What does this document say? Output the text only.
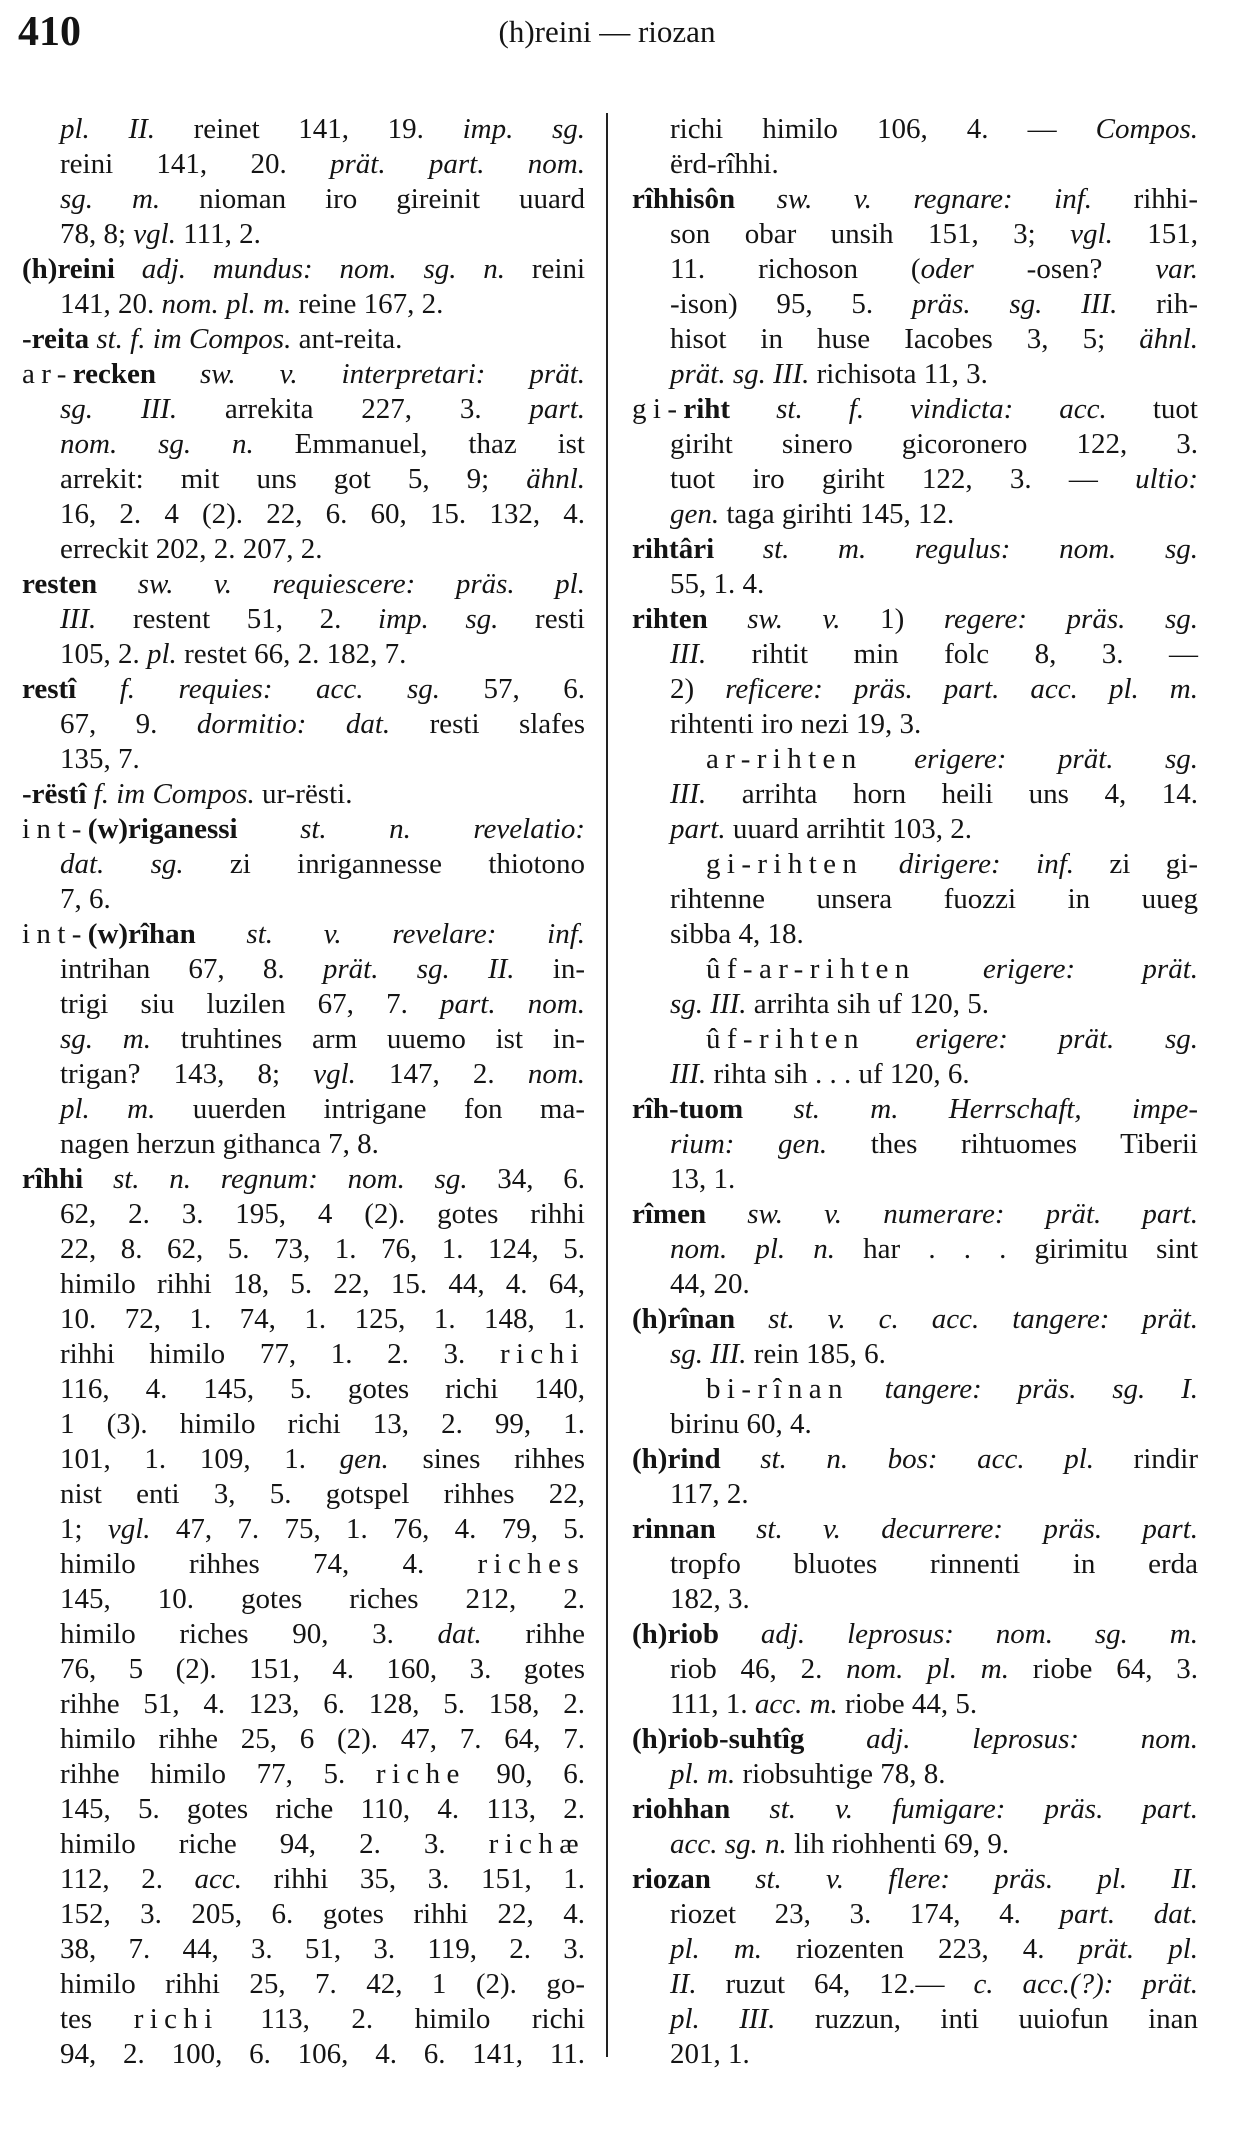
410	(h)reini — riozan
pl. II. reinet 141, 19. imp. sg.
reini 141, 20. prät. part. nom.
sg. m. nioman iro gireinit uuard
78, 8; vgl. 111, 2.
(h)reini adj. mundus: nom. sg. n. reini
141, 20. nom. pl. m. reine 167, 2.
-reita st. f. im Compos. ant-reita.
ar-recken sw. v. interpretari: prät.
sg. III. arrekita 227, 3. part.
nom. sg. n. Emmanuel, thaz ist
arrekit: mit uns got 5, 9; ähnl.
16, 2. 4 (2). 22, 6. 60, 15. 132, 4.
erreckit 202, 2. 207, 2.
resten sw. v. requiescere: präs. pl.
III. restent 51, 2. imp. sg. resti
105, 2. pl. restet 66, 2. 182, 7.
restî f. requies: acc. sg. 57, 6.
67, 9. dormitio: dat. resti slafes
135, 7.
-rëstî f. im Compos. ur-rësti.
int-(w)riganessi st. n. revelatio:
dat. sg. zi inrigannesse thiotono
7, 6.
int-(w)rîhan st. v. revelare: inf.
intrihan 67, 8. prät. sg. II. in-
trigi siu luzilen 67, 7. part. nom.
sg. m. truhtines arm uuemo ist in-
trigan? 143, 8; vgl. 147, 2. nom.
pl. m. uuerden intrigane fon ma-
nagen herzun githanca 7, 8.
rîhhi st. n. regnum: nom. sg. 34, 6.
62, 2. 3. 195, 4 (2). gotes rihhi
22, 8. 62, 5. 73, 1. 76, 1. 124, 5.
himilo rihhi 18, 5. 22, 15. 44, 4. 64,
10. 72, 1. 74, 1. 125, 1. 148, 1.
rihhi himilo 77, 1. 2. 3. richi
116, 4. 145, 5. gotes richi 140,
1 (3). himilo richi 13, 2. 99, 1.
101, 1. 109, 1. gen. sines rihhes
nist enti 3, 5. gotspel rihhes 22,
1; vgl. 47, 7. 75, 1. 76, 4. 79, 5.
himilo rihhes 74, 4. riches
145, 10. gotes riches 212, 2.
himilo riches 90, 3. dat. rihhe
76, 5 (2). 151, 4. 160, 3. gotes
rihhe 51, 4. 123, 6. 128, 5. 158, 2.
himilo rihhe 25, 6 (2). 47, 7. 64, 7.
rihhe himilo 77, 5. riche 90, 6.
145, 5. gotes riche 110, 4. 113, 2.
himilo riche 94, 2. 3. richæ
112, 2. acc. rihhi 35, 3. 151, 1.
152, 3. 205, 6. gotes rihhi 22, 4.
38, 7. 44, 3. 51, 3. 119, 2. 3.
himilo rihhi 25, 7. 42, 1 (2). go-
tes richi 113, 2. himilo richi
94, 2. 100, 6. 106, 4. 6. 141, 11.
richi himilo 106, 4. — Compos.
ërd-rîhhi.
rîhhisôn sw. v. regnare: inf. rihhi-
son obar unsih 151, 3; vgl. 151,
11. richoson (oder -osen? var.
-ison) 95, 5. präs. sg. III. rih-
hisot in huse Iacobes 3, 5; ähnl.
prät. sg. III. richisota 11, 3.
gi-riht st. f. vindicta: acc. tuot
giriht sinero gicoronero 122, 3.
tuot iro giriht 122, 3. — ultio:
gen. taga girihti 145, 12.
rihtâri st. m. regulus: nom. sg.
55, 1. 4.
rihten sw. v. 1) regere: präs. sg.
III. rihtit min folc 8, 3. —
2) reficere: präs. part. acc. pl. m.
rihtenti iro nezi 19, 3.
ar-rihten erigere: prät. sg.
III. arrihta horn heili uns 4, 14.
part. uuard arrihtit 103, 2.
gi-rihten dirigere: inf. zi gi-
rihtenne unsera fuozzi in uueg
sibba 4, 18.
ûf-ar-rihten erigere: prät.
sg. III. arrihta sih uf 120, 5.
ûf-rihten erigere: prät. sg.
III. rihta sih . . . uf 120, 6.
rîh-tuom st. m. Herrschaft, impe-
rium: gen. thes rihtuomes Tiberii
13, 1.
rîmen sw. v. numerare: prät. part.
nom. pl. n. har . . . girimitu sint
44, 20.
(h)rînan st. v. c. acc. tangere: prät.
sg. III. rein 185, 6.
bi-rînan tangere: präs. sg. I.
birinu 60, 4.
(h)rind st. n. bos: acc. pl. rindir
117, 2.
rinnan st. v. decurrere: präs. part.
tropfo bluotes rinnenti in erda
182, 3.
(h)riob adj. leprosus: nom. sg. m.
riob 46, 2. nom. pl. m. riobe 64, 3.
111, 1. acc. m. riobe 44, 5.
(h)riob-suhtîg adj. leprosus: nom.
pl. m. riobsuhtige 78, 8.
riohhan st. v. fumigare: präs. part.
acc. sg. n. lih riohhenti 69, 9.
riozan st. v. flere: präs. pl. II.
riozet 23, 3. 174, 4. part. dat.
pl. m. riozenten 223, 4. prät. pl.
II. ruzut 64, 12.— c. acc.(?): prät.
pl. III. ruzzun, inti uuiofun inan
201, 1.
